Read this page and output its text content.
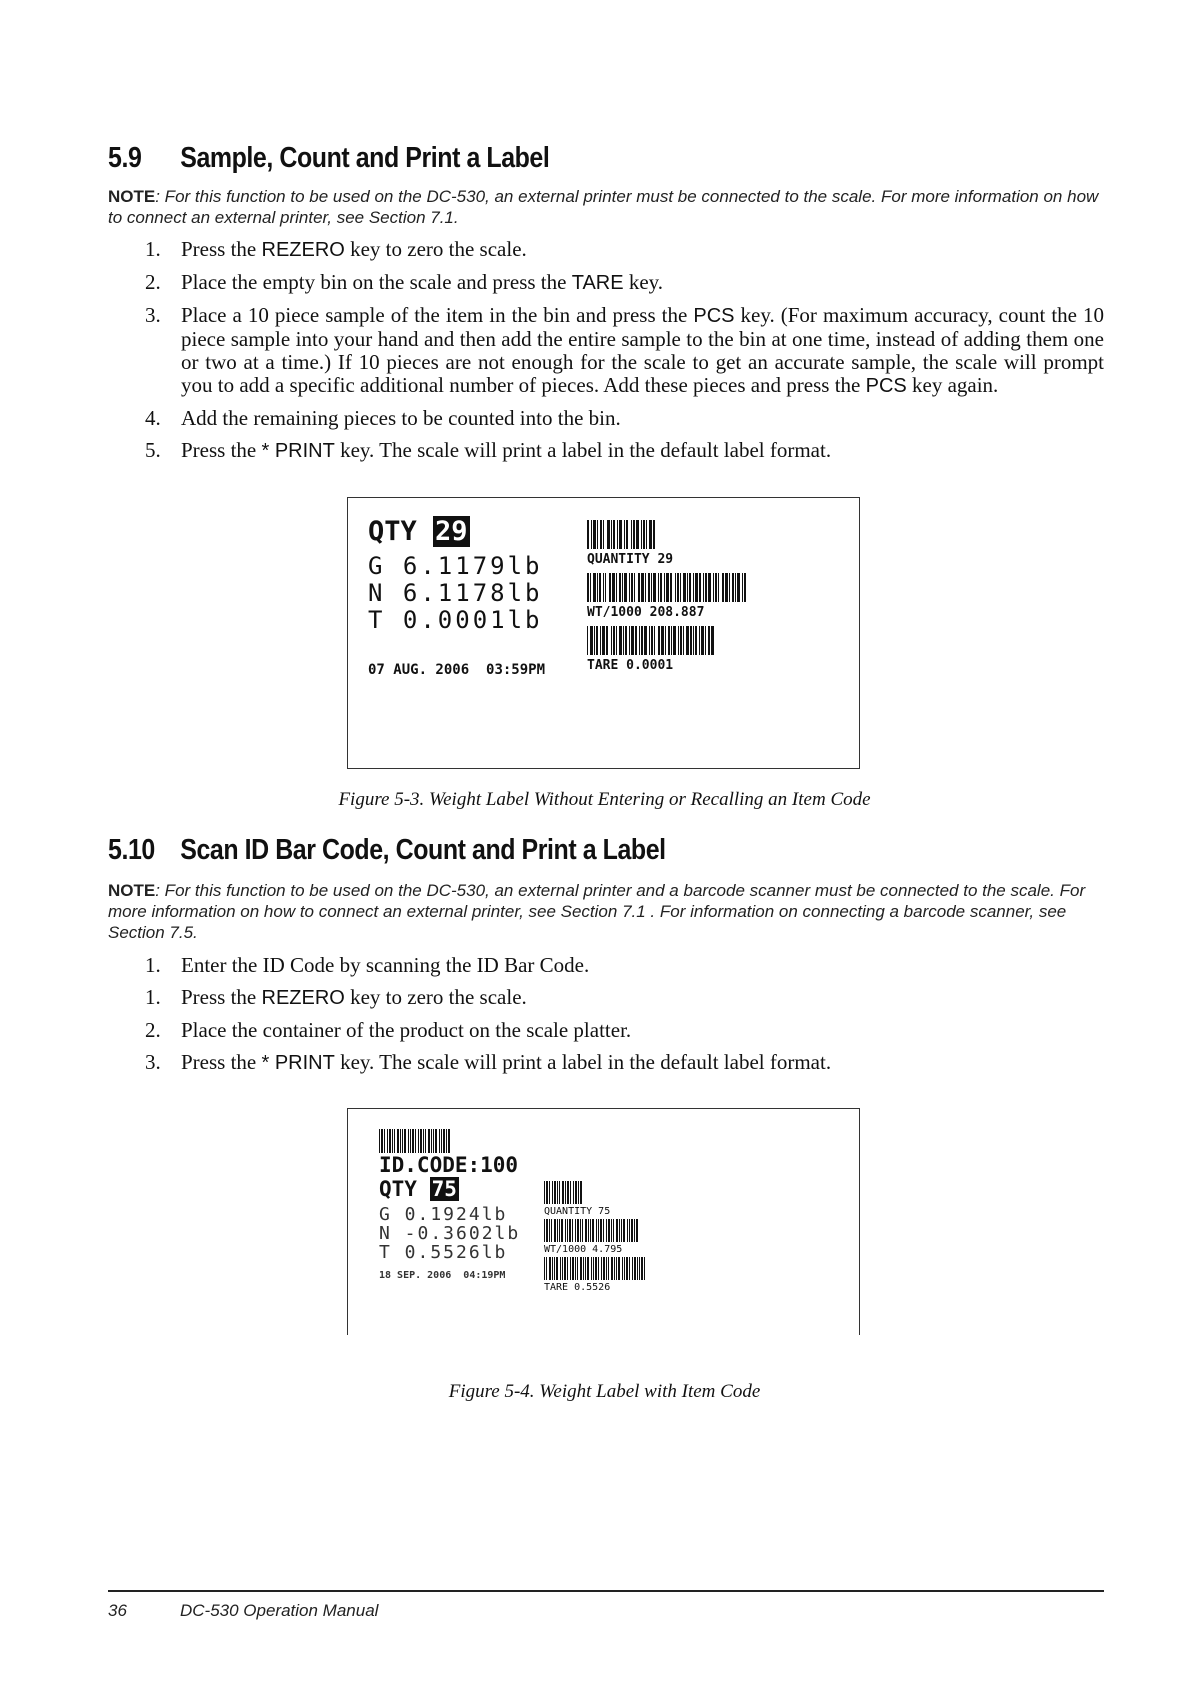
5.9 Sample, Count and Print a Label
NOTE: For this function to be used on the DC-530, an external printer must be connected to the scale. For more information on how to connect an external printer, see Section 7.1.
1. Press the REZERO key to zero the scale.
2. Place the empty bin on the scale and press the TARE key.
3. Place a 10 piece sample of the item in the bin and press the PCS key. (For maximum accuracy, count the 10 piece sample into your hand and then add the entire sample to the bin at one time, instead of adding them one or two at a time.) If 10 pieces are not enough for the scale to get an accurate sample, the scale will prompt you to add a specific additional number of pieces. Add these pieces and press the PCS key again.
4. Add the remaining pieces to be counted into the bin.
5. Press the * PRINT key. The scale will print a label in the default label format.
QTY 29
G 6.1179lb
N 6.1178lb
T 0.0001lb
07 AUG. 2006 03:59PM
QUANTITY 29
WT/1000 208.887
TARE 0.0001
Figure 5-3. Weight Label Without Entering or Recalling an Item Code
5.10 Scan ID Bar Code, Count and Print a Label
NOTE: For this function to be used on the DC-530, an external printer and a barcode scanner must be connected to the scale. For more information on how to connect an external printer, see Section 7.1 . For information on connecting a barcode scanner, see Section 7.5.
1. Enter the ID Code by scanning the ID Bar Code.
1. Press the REZERO key to zero the scale.
2. Place the container of the product on the scale platter.
3. Press the * PRINT key. The scale will print a label in the default label format.
ID.CODE:100
QTY 75
G 0.1924lb
N -0.3602lb
T 0.5526lb
18 SEP. 2006 04:19PM
QUANTITY 75
WT/1000 4.795
TARE 0.5526
Figure 5-4. Weight Label with Item Code
36	DC-530 Operation Manual
